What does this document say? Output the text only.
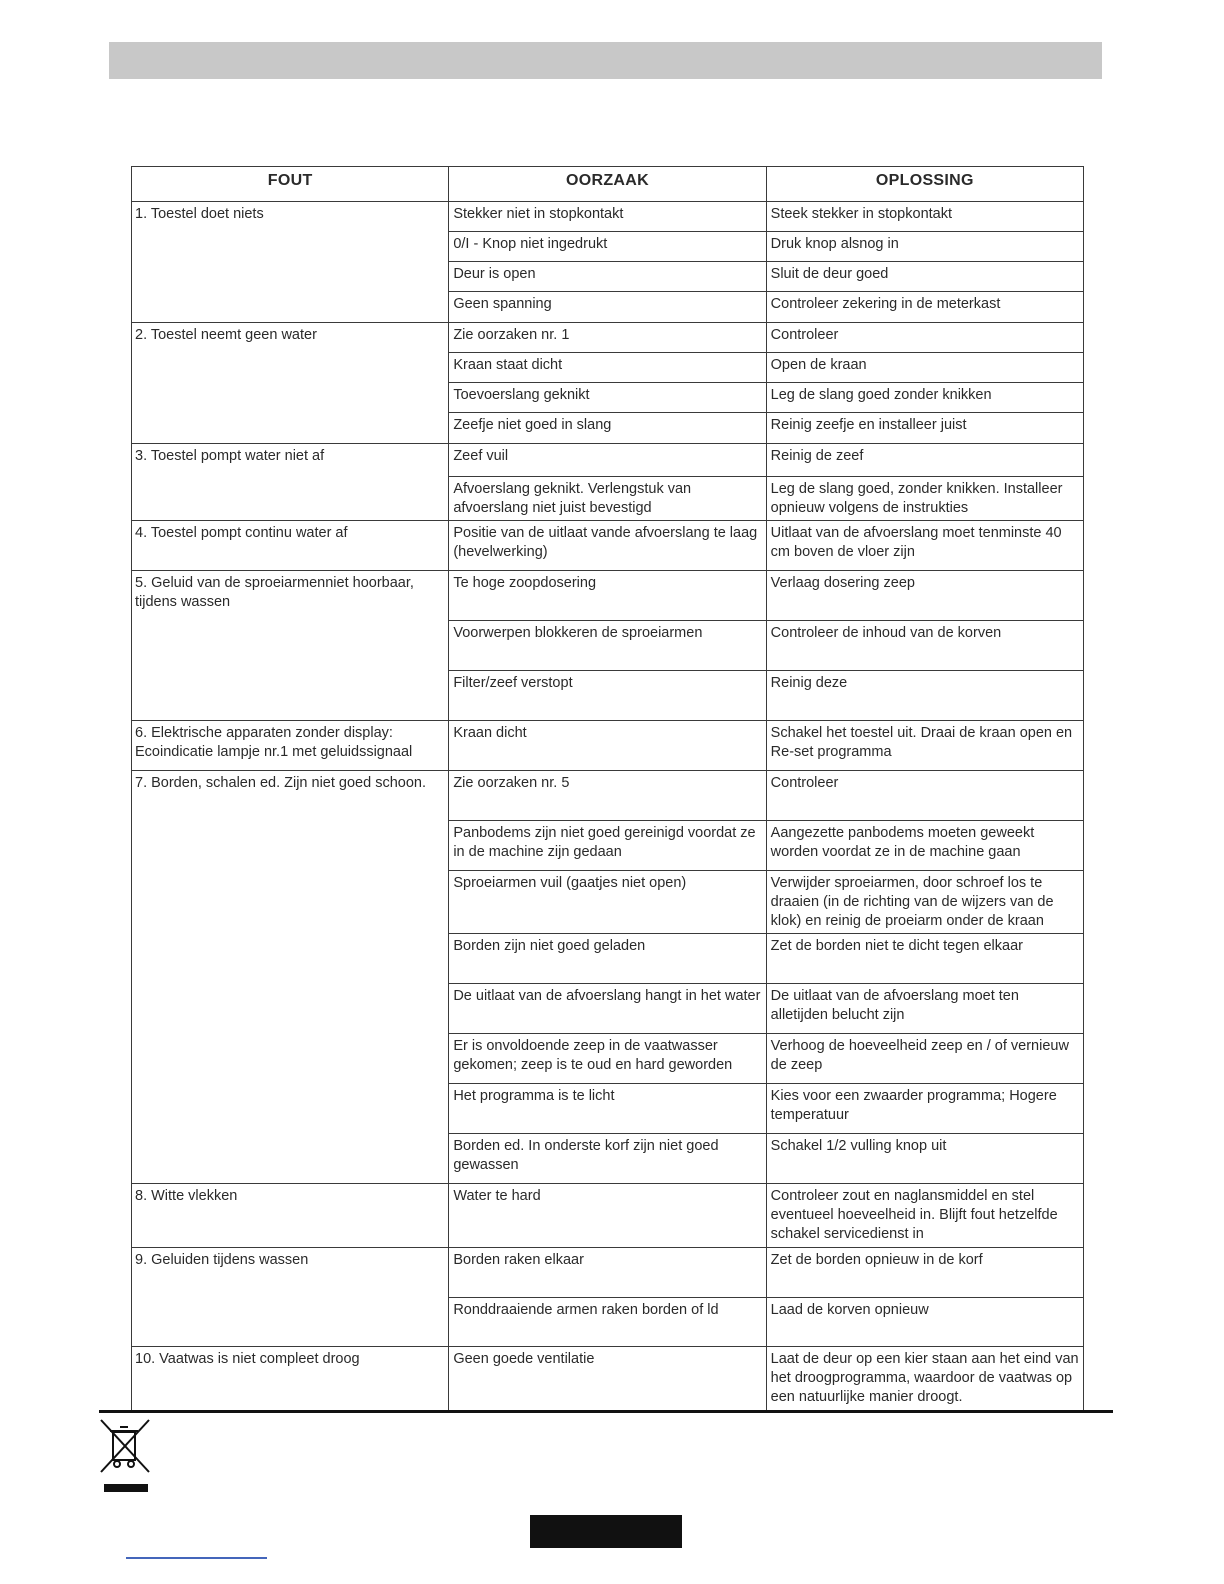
FOUT	OORZAAK	OPLOSSING
1. Toestel doet niets	Stekker niet in stopkontakt	Steek stekker in stopkontakt
	0/I - Knop niet ingedrukt	Druk knop alsnog in
	Deur is open	Sluit de deur goed
	Geen spanning	Controleer zekering in de meterkast
2. Toestel neemt geen water	Zie oorzaken nr. 1	Controleer
	Kraan staat dicht	Open de kraan
	Toevoerslang geknikt	Leg de slang goed zonder knikken
	Zeefje niet goed in slang	Reinig zeefje en installeer juist
3. Toestel pompt water niet af	Zeef vuil	Reinig de zeef
	Afvoerslang geknikt. Verlengstuk van afvoerslang niet juist bevestigd	Leg de slang goed, zonder knikken. Installeer opnieuw volgens de instrukties
4. Toestel pompt continu water af	Positie van de uitlaat vande afvoerslang te laag (hevelwerking)	Uitlaat van de afvoerslang moet tenminste 40 cm boven de vloer zijn
5. Geluid van de sproeiarmenniet hoorbaar, tijdens wassen	Te hoge zoopdosering	Verlaag dosering zeep
	Voorwerpen blokkeren de sproeiarmen	Controleer de inhoud van de korven
	Filter/zeef verstopt	Reinig deze
6. Elektrische apparaten zonder display: Ecoindicatie lampje nr.1 met geluidssignaal	Kraan dicht	Schakel het toestel uit. Draai de kraan open en Re-set programma
7. Borden, schalen ed. Zijn niet goed schoon.	Zie oorzaken nr. 5	Controleer
	Panbodems zijn niet goed gereinigd voordat ze in de machine zijn gedaan	Aangezette panbodems moeten geweekt worden voordat ze in de machine gaan
	Sproeiarmen vuil (gaatjes niet open)	Verwijder sproeiarmen, door schroef los te draaien (in de richting van de wijzers van de klok) en reinig de proeiarm onder de kraan
	Borden zijn niet goed geladen	Zet de borden niet te dicht tegen elkaar
	De uitlaat van de afvoerslang hangt in het water	De uitlaat van de afvoerslang moet ten alletijden belucht zijn
	Er is onvoldoende zeep in de vaatwasser gekomen; zeep is te oud en hard geworden	Verhoog de hoeveelheid zeep en / of vernieuw de zeep
	Het programma is te licht	Kies voor een zwaarder programma; Hogere temperatuur
	Borden ed. In onderste korf zijn niet goed gewassen	Schakel 1/2 vulling knop uit
8. Witte vlekken	Water te hard	Controleer zout en naglansmiddel en stel eventueel hoeveelheid in. Blijft fout hetzelfde schakel servicedienst in
9. Geluiden tijdens wassen	Borden raken elkaar	Zet de borden opnieuw in de korf
	Ronddraaiende armen raken borden of ld	Laad de korven opnieuw
10. Vaatwas is niet compleet droog	Geen goede ventilatie	Laat de deur op een kier staan aan het eind van het droogprogramma, waardoor de vaatwas op een natuurlijke manier droogt.
